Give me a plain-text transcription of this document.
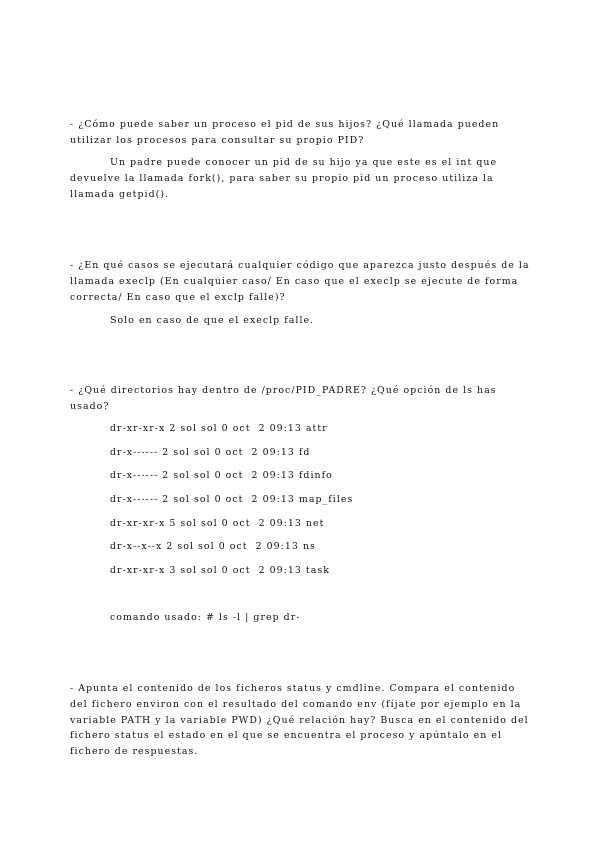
- ¿Cómo puede saber un proceso el pid de sus hijos? ¿Qué llamada pueden utilizar los procesos para consultar su propio PID?

Un padre puede conocer un pid de su hijo ya que este es el int que devuelve la llamada fork(), para saber su propio pid un proceso utiliza la llamada getpid().

- ¿En qué casos se ejecutará cualquier código que aparezca justo después de la llamada execlp (En cualquier caso/ En caso que el execlp se ejecute de forma correcta/ En caso que el exclp falle)?

Solo en caso de que el execlp falle.

- ¿Qué directorios hay dentro de /proc/PID_PADRE? ¿Qué opción de ls has usado?

dr-xr-xr-x 2 sol sol 0 oct  2 09:13 attr
dr-x------ 2 sol sol 0 oct  2 09:13 fd
dr-x------ 2 sol sol 0 oct  2 09:13 fdinfo
dr-x------ 2 sol sol 0 oct  2 09:13 map_files
dr-xr-xr-x 5 sol sol 0 oct  2 09:13 net
dr-x--x--x 2 sol sol 0 oct  2 09:13 ns
dr-xr-xr-x 3 sol sol 0 oct  2 09:13 task

comando usado: # ls -l | grep dr-

- Apunta el contenido de los ficheros status y cmdline. Compara el contenido del fichero environ con el resultado del comando env (fíjate por ejemplo en la variable PATH y la variable PWD) ¿Qué relación hay? Busca en el contenido del fichero status el estado en el que se encuentra el proceso y apúntalo en el fichero de respuestas.
